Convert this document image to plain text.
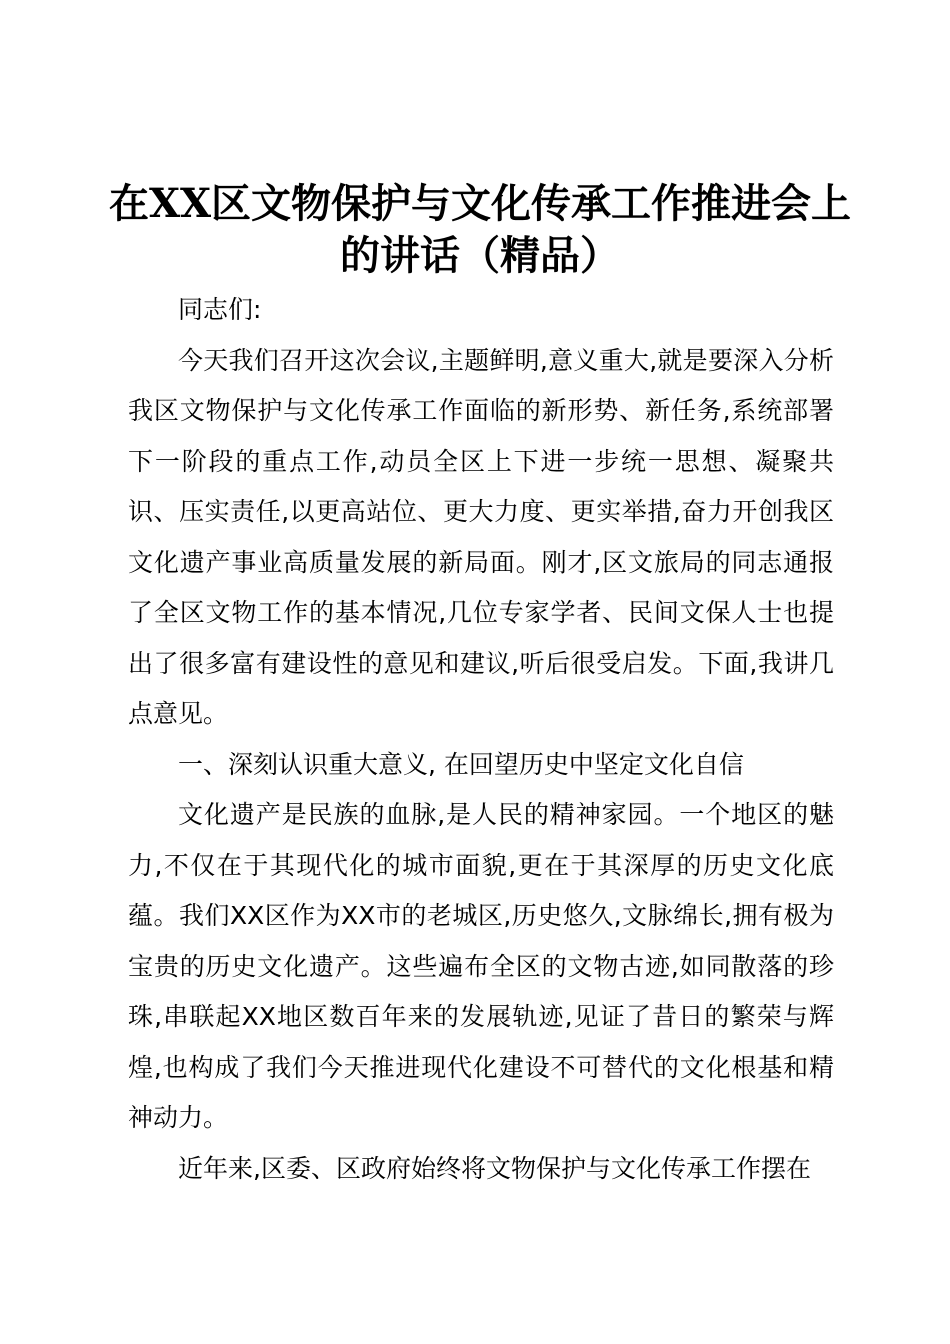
在XX区文物保护与文化传承工作推进会上的讲话（精品）

同志们:

今天我们召开这次会议,主题鲜明,意义重大,就是要深入分析我区文物保护与文化传承工作面临的新形势、新任务,系统部署下一阶段的重点工作,动员全区上下进一步统一思想、凝聚共识、压实责任,以更高站位、更大力度、更实举措,奋力开创我区文化遗产事业高质量发展的新局面。刚才,区文旅局的同志通报了全区文物工作的基本情况,几位专家学者、民间文保人士也提出了很多富有建设性的意见和建议,听后很受启发。下面,我讲几点意见。

一、深刻认识重大意义, 在回望历史中坚定文化自信

文化遗产是民族的血脉,是人民的精神家园。一个地区的魅力,不仅在于其现代化的城市面貌,更在于其深厚的历史文化底蕴。我们XX区作为XX市的老城区,历史悠久,文脉绵长,拥有极为宝贵的历史文化遗产。这些遍布全区的文物古迹,如同散落的珍珠,串联起XX地区数百年来的发展轨迹,见证了昔日的繁荣与辉煌,也构成了我们今天推进现代化建设不可替代的文化根基和精神动力。

近年来,区委、区政府始终将文物保护与文化传承工作摆在
